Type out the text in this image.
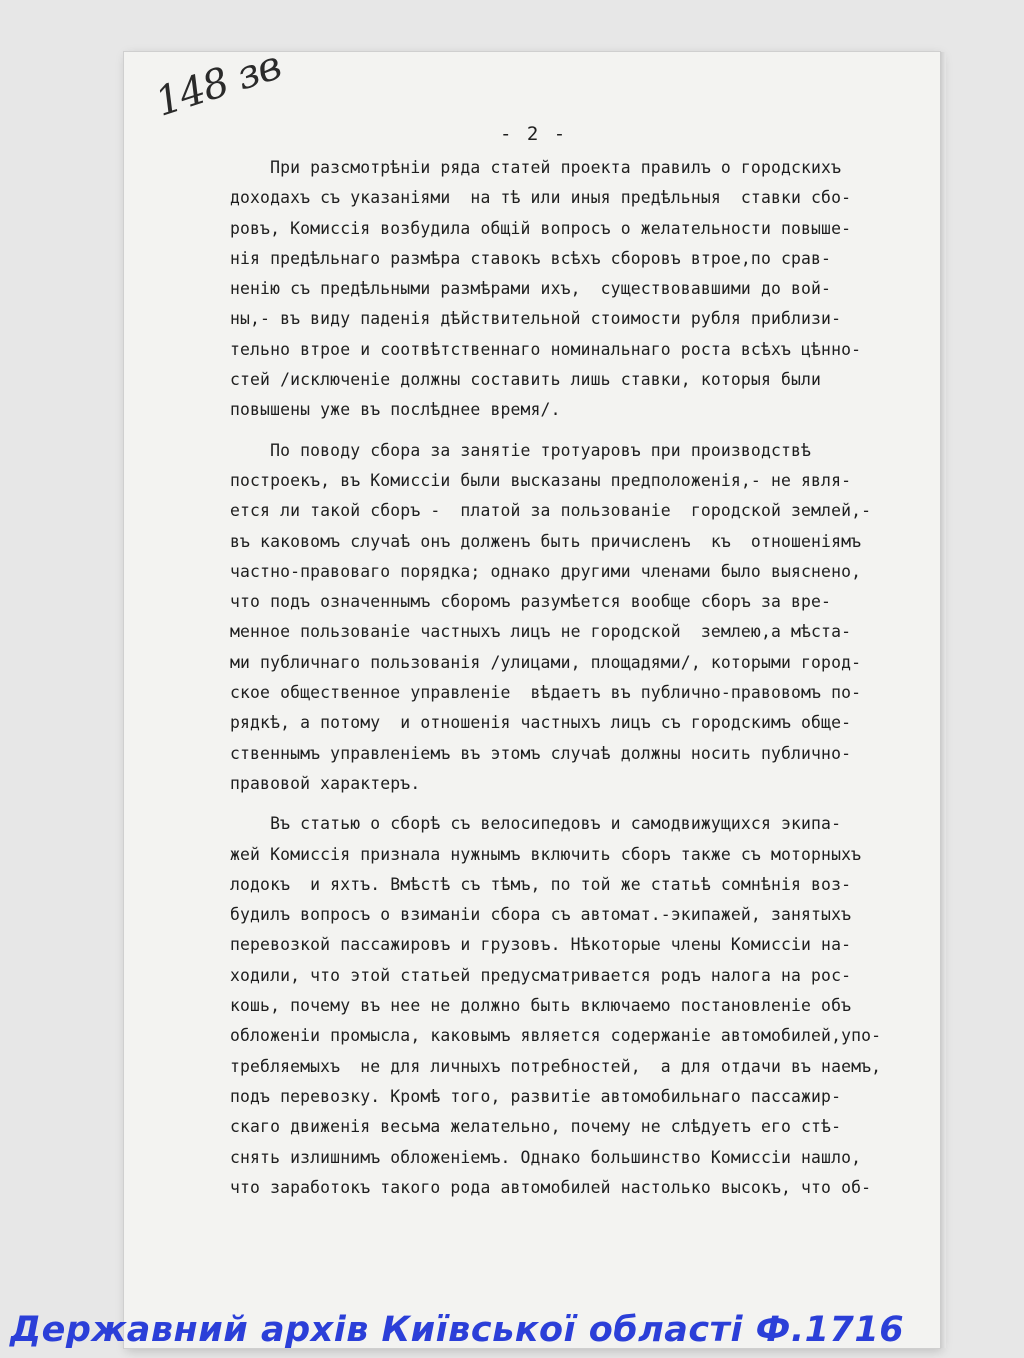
148 зв
- 2 -
При разсмотрѣніи ряда статей проекта правилъ о городскихъ
доходахъ съ указаніями  на тѣ или иныя предѣльныя  ставки сбо-
ровъ, Комиссія возбудила общій вопросъ о желательности повыше-
нія предѣльнаго размѣра ставокъ всѣхъ сборовъ втрое,по срав-
ненію съ предѣльными размѣрами ихъ,  существовавшими до вой-
ны,- въ виду паденія дѣйствительной стоимости рубля приблизи-
тельно втрое и соотвѣтственнаго номинальнаго роста всѣхъ цѣнно-
стей /исключеніе должны составить лишь ставки, которыя были
повышены уже въ послѣднее время/.
По поводу сбора за занятіе тротуаровъ при производствѣ
построекъ, въ Комиссіи были высказаны предположенія,- не явля-
ется ли такой сборъ -  платой за пользованіе  городской землей,-
въ каковомъ случаѣ онъ долженъ быть причисленъ  къ  отношеніямъ
частно-правоваго порядка; однако другими членами было выяснено,
что подъ означеннымъ сборомъ разумѣется вообще сборъ за вре-
менное пользованіе частныхъ лицъ не городской  землею,а мѣста-
ми публичнаго пользованія /улицами, площадями/, которыми город-
ское общественное управленіе  вѣдаетъ въ публично-правовомъ по-
рядкѣ, а потому  и отношенія частныхъ лицъ съ городскимъ обще-
ственнымъ управленіемъ въ этомъ случаѣ должны носить публично-
правовой характеръ.
Въ статью о сборѣ съ велосипедовъ и самодвижущихся экипа-
жей Комиссія признала нужнымъ включить сборъ также съ моторныхъ
лодокъ  и яхтъ. Вмѣстѣ съ тѣмъ, по той же статьѣ сомнѣнія воз-
будилъ вопросъ о взиманіи сбора съ автомат.-экипажей, занятыхъ
перевозкой пассажировъ и грузовъ. Нѣкоторые члены Комиссіи на-
ходили, что этой статьей предусматривается родъ налога на рос-
кошь, почему въ нее не должно быть включаемо постановленіе объ
обложеніи промысла, каковымъ является содержаніе автомобилей,упо-
требляемыхъ  не для личныхъ потребностей,  а для отдачи въ наемъ,
подъ перевозку. Кромѣ того, развитіе автомобильнаго пассажир-
скаго движенія весьма желательно, почему не слѣдуетъ его стѣ-
снять излишнимъ обложеніемъ. Однако большинство Комиссіи нашло,
что заработокъ такого рода автомобилей настолько высокъ, что об-
Державний архів Київської області Ф.1716
